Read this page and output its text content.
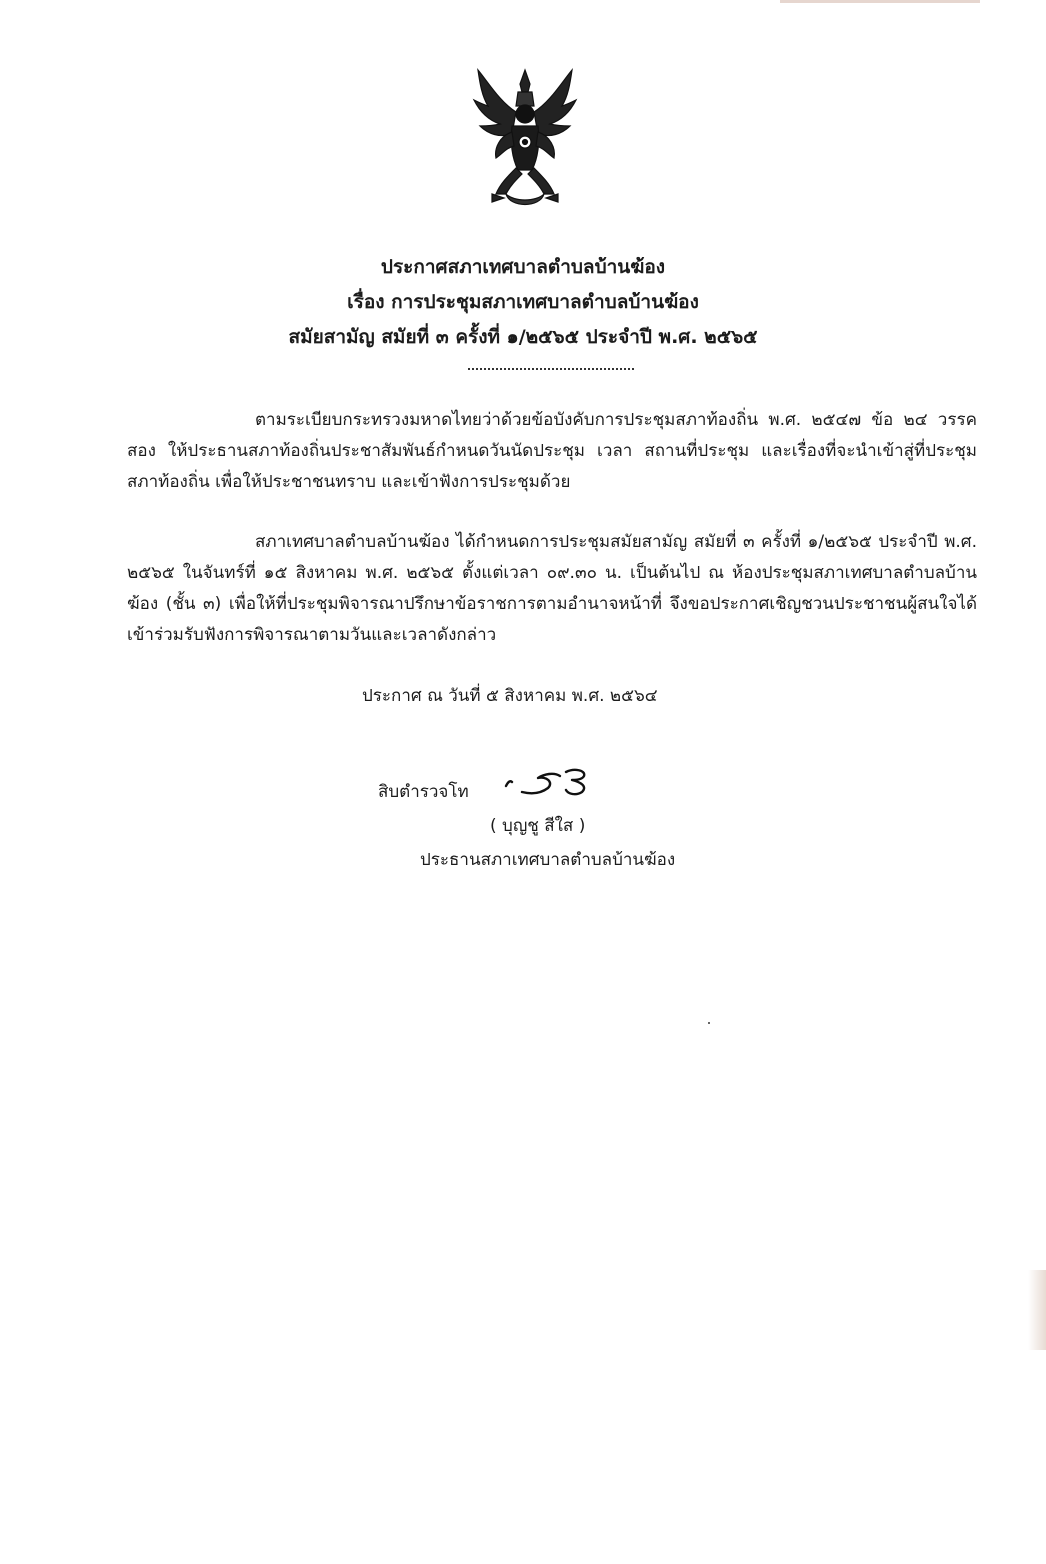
ประกาศสภาเทศบาลตำบลบ้านฆ้อง
เรื่อง การประชุมสภาเทศบาลตำบลบ้านฆ้อง
สมัยสามัญ สมัยที่ ๓ ครั้งที่ ๑/๒๕๖๕ ประจำปี พ.ศ. ๒๕๖๕
ตามระเบียบกระทรวงมหาดไทยว่าด้วยข้อบังคับการประชุมสภาท้องถิ่น พ.ศ. ๒๕๔๗ ข้อ ๒๔ วรรคสอง ให้ประธานสภาท้องถิ่นประชาสัมพันธ์กำหนดวันนัดประชุม เวลา สถานที่ประชุม และเรื่องที่จะนำเข้าสู่ที่ประชุมสภาท้องถิ่น เพื่อให้ประชาชนทราบ และเข้าฟังการประชุมด้วย
สภาเทศบาลตำบลบ้านฆ้อง ได้กำหนดการประชุมสมัยสามัญ สมัยที่ ๓ ครั้งที่ ๑/๒๕๖๕ ประจำปี พ.ศ. ๒๕๖๕ ในจันทร์ที่ ๑๕ สิงหาคม พ.ศ. ๒๕๖๕ ตั้งแต่เวลา ๐๙.๓๐ น. เป็นต้นไป ณ ห้องประชุมสภาเทศบาลตำบลบ้านฆ้อง (ชั้น ๓) เพื่อให้ที่ประชุมพิจารณาปรึกษาข้อราชการตามอำนาจหน้าที่ จึงขอประกาศเชิญชวนประชาชนผู้สนใจได้เข้าร่วมรับฟังการพิจารณาตามวันและเวลาดังกล่าว
ประกาศ ณ วันที่ ๕ สิงหาคม พ.ศ. ๒๕๖๔
สิบตำรวจโท
( บุญชู สีใส )
ประธานสภาเทศบาลตำบลบ้านฆ้อง
